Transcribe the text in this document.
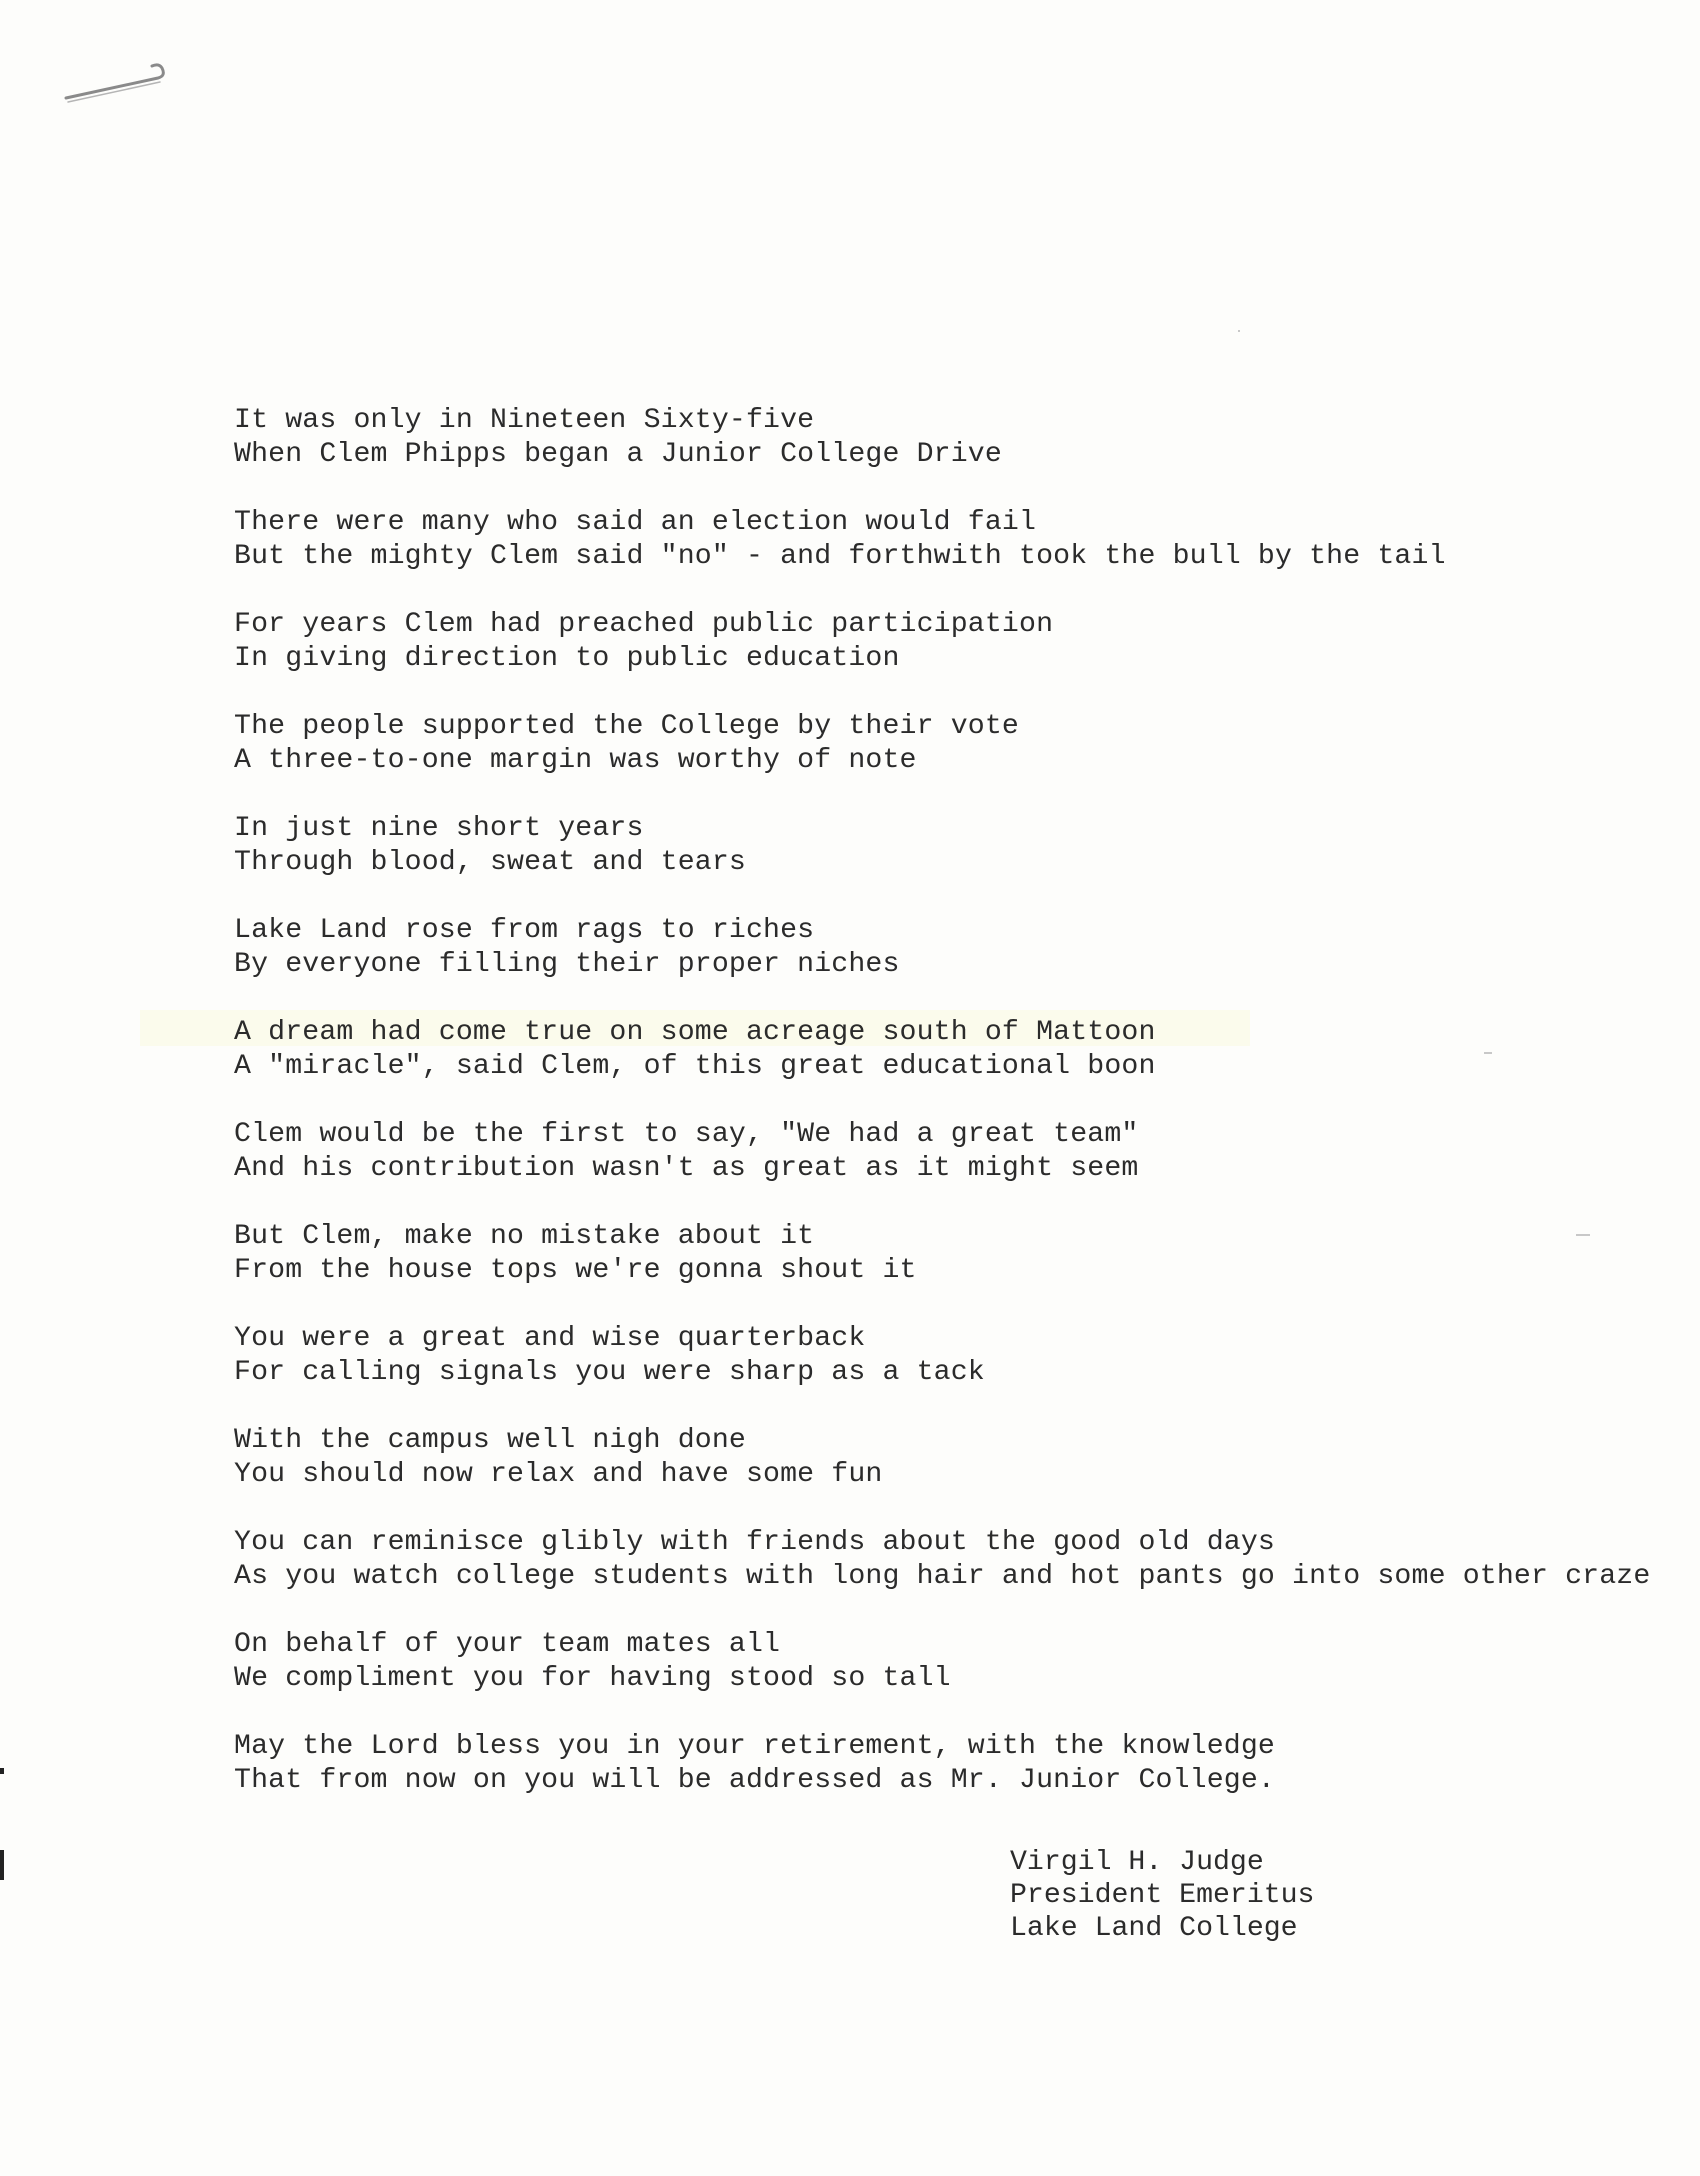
It was only in Nineteen Sixty-five
When Clem Phipps began a Junior College Drive
There were many who said an election would fail
But the mighty Clem said "no" - and forthwith took the bull by the tail
For years Clem had preached public participation
In giving direction to public education
The people supported the College by their vote
A three-to-one margin was worthy of note
In just nine short years
Through blood, sweat and tears
Lake Land rose from rags to riches
By everyone filling their proper niches
A dream had come true on some acreage south of Mattoon
A "miracle", said Clem, of this great educational boon
Clem would be the first to say, "We had a great team"
And his contribution wasn't as great as it might seem
But Clem, make no mistake about it
From the house tops we're gonna shout it
You were a great and wise quarterback
For calling signals you were sharp as a tack
With the campus well nigh done
You should now relax and have some fun
You can reminisce glibly with friends about the good old days
As you watch college students with long hair and hot pants go into some other craze
On behalf of your team mates all
We compliment you for having stood so tall
May the Lord bless you in your retirement, with the knowledge
That from now on you will be addressed as Mr. Junior College.
Virgil H. Judge
President Emeritus
Lake Land College
